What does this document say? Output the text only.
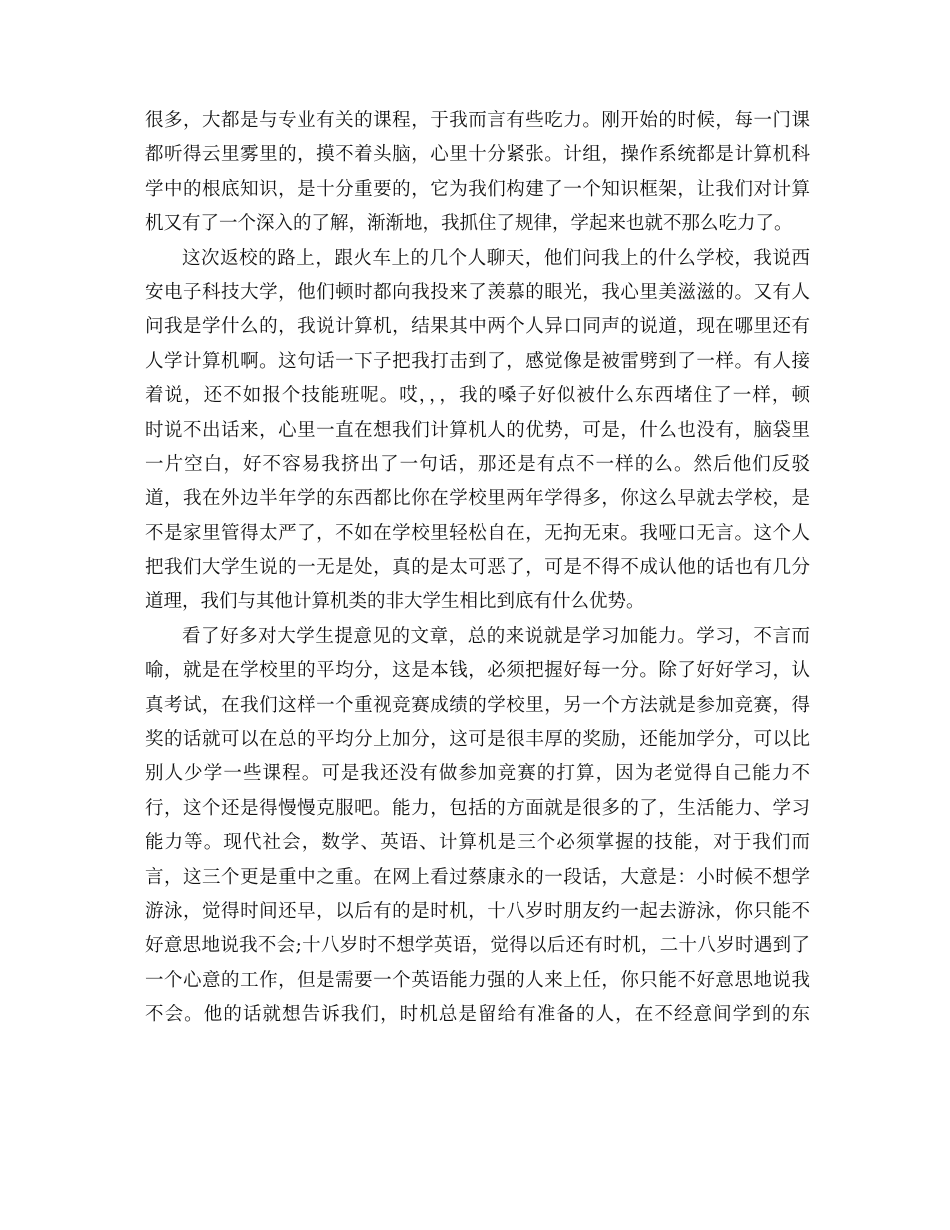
很多，大都是与专业有关的课程，于我而言有些吃力。刚开始的时候，每一门课
都听得云里雾里的，摸不着头脑，心里十分紧张。计组，操作系统都是计算机科
学中的根底知识，是十分重要的，它为我们构建了一个知识框架，让我们对计算
机又有了一个深入的了解，渐渐地，我抓住了规律，学起来也就不那么吃力了。
这次返校的路上，跟火车上的几个人聊天，他们问我上的什么学校，我说西
安电子科技大学，他们顿时都向我投来了羡慕的眼光，我心里美滋滋的。又有人
问我是学什么的，我说计算机，结果其中两个人异口同声的说道，现在哪里还有
人学计算机啊。这句话一下子把我打击到了，感觉像是被雷劈到了一样。有人接
着说，还不如报个技能班呢。哎，，，我的嗓子好似被什么东西堵住了一样，顿
时说不出话来，心里一直在想我们计算机人的优势，可是，什么也没有，脑袋里
一片空白，好不容易我挤出了一句话，那还是有点不一样的么。然后他们反驳
道，我在外边半年学的东西都比你在学校里两年学得多，你这么早就去学校，是
不是家里管得太严了，不如在学校里轻松自在，无拘无束。我哑口无言。这个人
把我们大学生说的一无是处，真的是太可恶了，可是不得不成认他的话也有几分
道理，我们与其他计算机类的非大学生相比到底有什么优势。
看了好多对大学生提意见的文章，总的来说就是学习加能力。学习，不言而
喻，就是在学校里的平均分，这是本钱，必须把握好每一分。除了好好学习，认
真考试，在我们这样一个重视竞赛成绩的学校里，另一个方法就是参加竞赛，得
奖的话就可以在总的平均分上加分，这可是很丰厚的奖励，还能加学分，可以比
别人少学一些课程。可是我还没有做参加竞赛的打算，因为老觉得自己能力不
行，这个还是得慢慢克服吧。能力，包括的方面就是很多的了，生活能力、学习
能力等。现代社会，数学、英语、计算机是三个必须掌握的技能，对于我们而
言，这三个更是重中之重。在网上看过蔡康永的一段话，大意是：小时候不想学
游泳，觉得时间还早，以后有的是时机，十八岁时朋友约一起去游泳，你只能不
好意思地说我不会;十八岁时不想学英语，觉得以后还有时机，二十八岁时遇到了
一个心意的工作，但是需要一个英语能力强的人来上任，你只能不好意思地说我
不会。他的话就想告诉我们，时机总是留给有准备的人，在不经意间学到的东
